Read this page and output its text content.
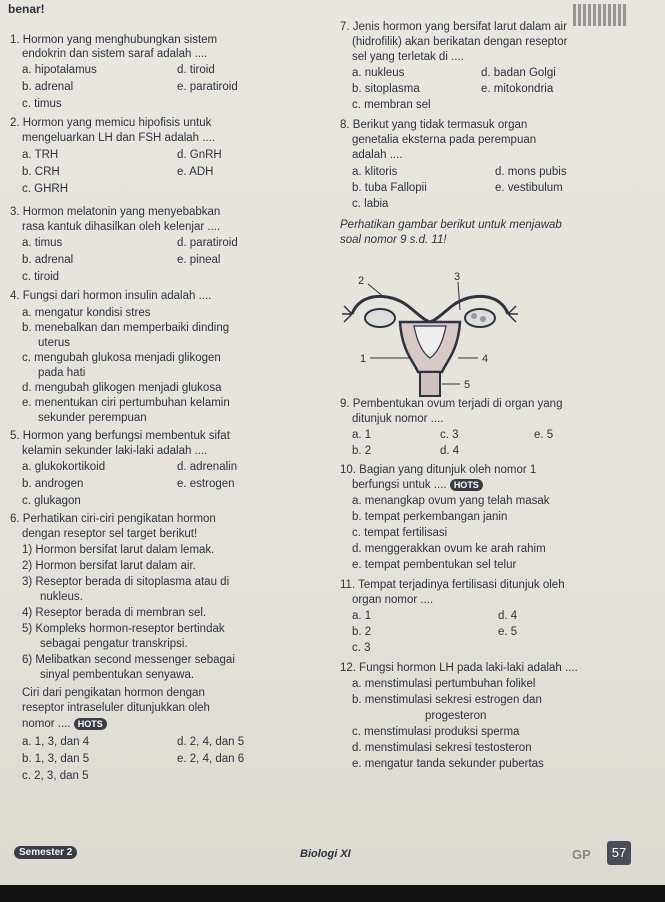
benar!
1. Hormon yang menghubungkan sistem
endokrin dan sistem saraf adalah ....
a. hipotalamus	d. tiroid
b. adrenal	e. paratiroid
c. timus
2. Hormon yang memicu hipofisis untuk
mengeluarkan LH dan FSH adalah ....
a. TRH	d. GnRH
b. CRH	e. ADH
c. GHRH
3. Hormon melatonin yang menyebabkan
rasa kantuk dihasilkan oleh kelenjar ....
a. timus	d. paratiroid
b. adrenal	e. pineal
c. tiroid
4. Fungsi dari hormon insulin adalah ....
a. mengatur kondisi stres
b. menebalkan dan memperbaiki dinding
uterus
c. mengubah glukosa menjadi glikogen
pada hati
d. mengubah glikogen menjadi glukosa
e. menentukan ciri pertumbuhan kelamin
sekunder perempuan
5. Hormon yang berfungsi membentuk sifat
kelamin sekunder laki-laki adalah ....
a. glukokortikoid	d. adrenalin
b. androgen	e. estrogen
c. glukagon
6. Perhatikan ciri-ciri pengikatan hormon
dengan reseptor sel target berikut!
1) Hormon bersifat larut dalam lemak.
2) Hormon bersifat larut dalam air.
3) Reseptor berada di sitoplasma atau di
nukleus.
4) Reseptor berada di membran sel.
5) Kompleks hormon-reseptor bertindak
sebagai pengatur transkripsi.
6) Melibatkan second messenger sebagai
sinyal pembentukan senyawa.
Ciri dari pengikatan hormon dengan
reseptor intraseluler ditunjukkan oleh
nomor .... HOTS
a. 1, 3, dan 4	d. 2, 4, dan 5
b. 1, 3, dan 5	e. 2, 4, dan 6
c. 2, 3, dan 5
7. Jenis hormon yang bersifat larut dalam air
(hidrofilik) akan berikatan dengan reseptor
sel yang terletak di ....
a. nukleus	d. badan Golgi
b. sitoplasma	e. mitokondria
c. membran sel
8. Berikut yang tidak termasuk organ
genetalia eksterna pada perempuan
adalah ....
a. klitoris	d. mons pubis
b. tuba Fallopii	e. vestibulum
c. labia
Perhatikan gambar berikut untuk menjawab
soal nomor 9 s.d. 11!
9. Pembentukan ovum terjadi di organ yang
ditunjuk nomor ....
a. 1	c. 3	e. 5
b. 2	d. 4
10. Bagian yang ditunjuk oleh nomor 1
berfungsi untuk .... HOTS
a. menangkap ovum yang telah masak
b. tempat perkembangan janin
c. tempat fertilisasi
d. menggerakkan ovum ke arah rahim
e. tempat pembentukan sel telur
11. Tempat terjadinya fertilisasi ditunjuk oleh
organ nomor ....
a. 1	d. 4
b. 2	e. 5
c. 3
12. Fungsi hormon LH pada laki-laki adalah ....
a. menstimulasi pertumbuhan folikel
b. menstimulasi sekresi estrogen dan
progesteron
c. menstimulasi produksi sperma
d. menstimulasi sekresi testosteron
e. mengatur tanda sekunder pubertas
1
2	3
4
5
Semester 2	Biologi XI	GP	57
